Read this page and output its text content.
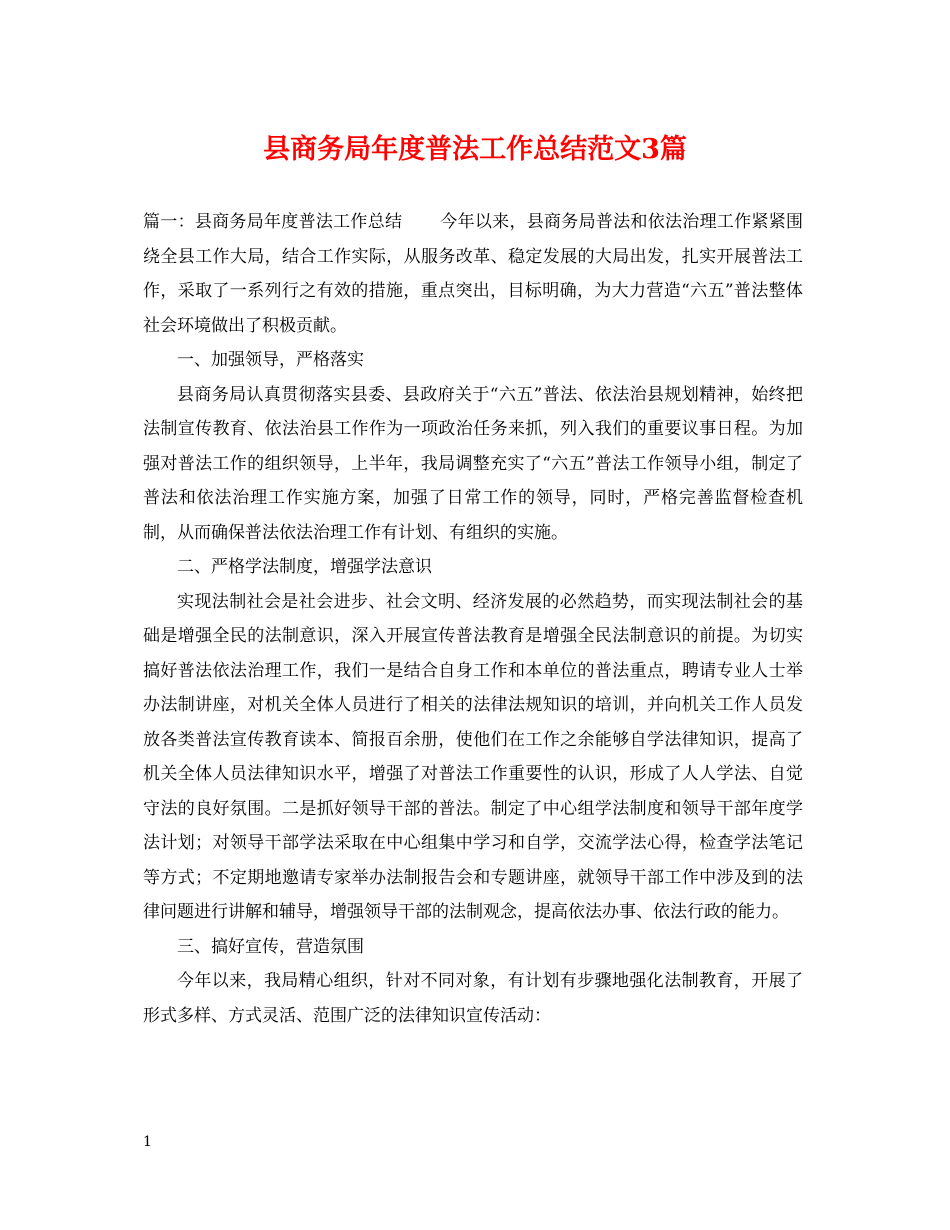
县商务局年度普法工作总结范文3篇

篇一：县商务局年度普法工作总结 今年以来，县商务局普法和依法治理工作紧紧围绕全县工作大局，结合工作实际，从服务改革、稳定发展的大局出发，扎实开展普法工作，采取了一系列行之有效的措施，重点突出，目标明确，为大力营造“六五”普法整体社会环境做出了积极贡献。

一、加强领导，严格落实

县商务局认真贯彻落实县委、县政府关于“六五”普法、依法治县规划精神，始终把法制宣传教育、依法治县工作作为一项政治任务来抓，列入我们的重要议事日程。为加强对普法工作的组织领导，上半年，我局调整充实了“六五”普法工作领导小组，制定了普法和依法治理工作实施方案，加强了日常工作的领导，同时，严格完善监督检查机制，从而确保普法依法治理工作有计划、有组织的实施。

二、严格学法制度，增强学法意识

实现法制社会是社会进步、社会文明、经济发展的必然趋势，而实现法制社会的基础是增强全民的法制意识，深入开展宣传普法教育是增强全民法制意识的前提。为切实搞好普法依法治理工作，我们一是结合自身工作和本单位的普法重点，聘请专业人士举办法制讲座，对机关全体人员进行了相关的法律法规知识的培训，并向机关工作人员发放各类普法宣传教育读本、简报百余册，使他们在工作之余能够自学法律知识，提高了机关全体人员法律知识水平，增强了对普法工作重要性的认识，形成了人人学法、自觉守法的良好氛围。二是抓好领导干部的普法。制定了中心组学法制度和领导干部年度学法计划；对领导干部学法采取在中心组集中学习和自学，交流学法心得，检查学法笔记等方式；不定期地邀请专家举办法制报告会和专题讲座，就领导干部工作中涉及到的法律问题进行讲解和辅导，增强领导干部的法制观念，提高依法办事、依法行政的能力。

三、搞好宣传，营造氛围

今年以来，我局精心组织，针对不同对象，有计划有步骤地强化法制教育，开展了形式多样、方式灵活、范围广泛的法律知识宣传活动：

1
